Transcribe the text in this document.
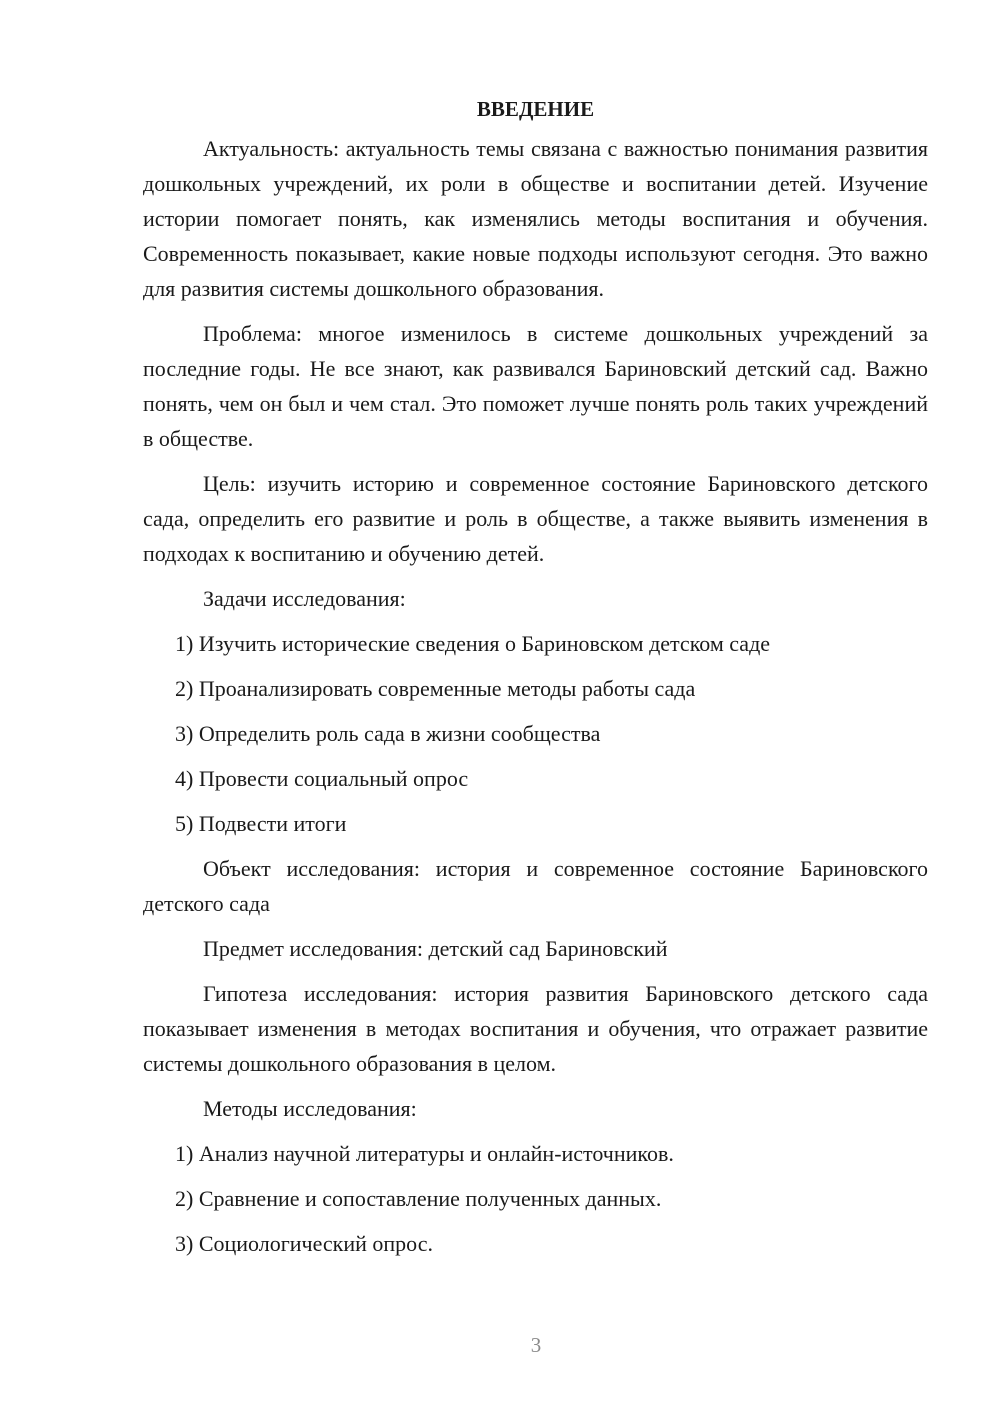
ВВЕДЕНИЕ

Актуальность: актуальность темы связана с важностью понимания развития дошкольных учреждений, их роли в обществе и воспитании детей. Изучение истории помогает понять, как изменялись методы воспитания и обучения. Современность показывает, какие новые подходы используют сегодня. Это важно для развития системы дошкольного образования.

Проблема: многое изменилось в системе дошкольных учреждений за последние годы. Не все знают, как развивался Бариновский детский сад. Важно понять, чем он был и чем стал. Это поможет лучше понять роль таких учреждений в обществе.

Цель: изучить историю и современное состояние Бариновского детского сада, определить его развитие и роль в обществе, а также выявить изменения в подходах к воспитанию и обучению детей.

Задачи исследования:

1) Изучить исторические сведения о Бариновском детском саде

2) Проанализировать современные методы работы сада

3) Определить роль сада в жизни сообщества

4) Провести социальный опрос

5) Подвести итоги

Объект исследования: история и современное состояние Бариновского детского сада

Предмет исследования: детский сад Бариновский

Гипотеза исследования: история развития Бариновского детского сада показывает изменения в методах воспитания и обучения, что отражает развитие системы дошкольного образования в целом.

Методы исследования:

1) Анализ научной литературы и онлайн-источников.

2) Сравнение и сопоставление полученных данных.

3) Социологический опрос.

3
